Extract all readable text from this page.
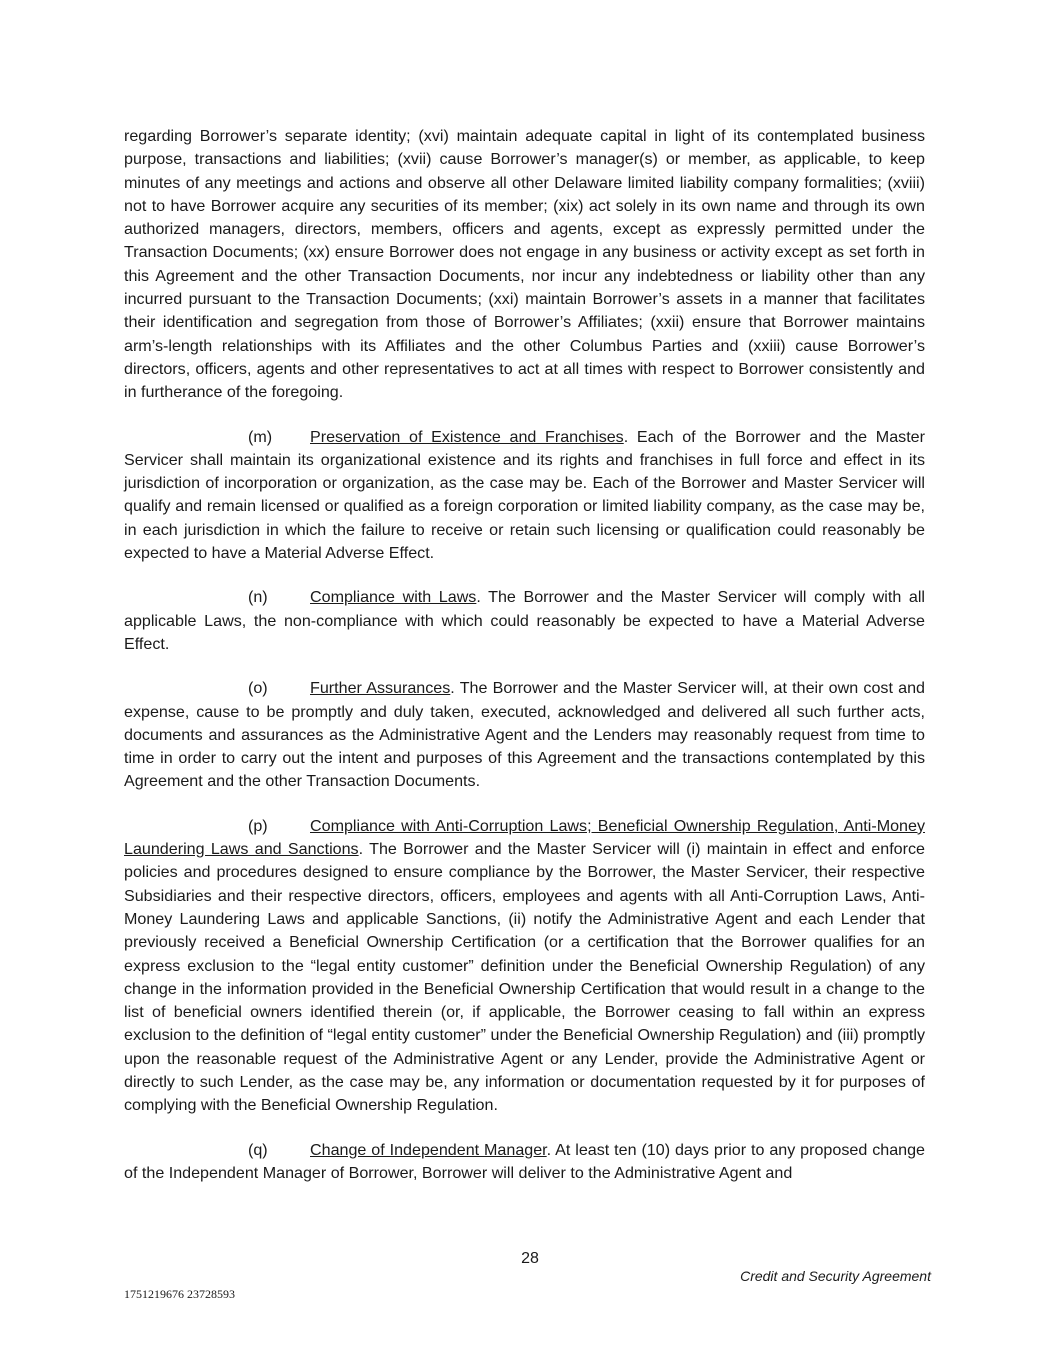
regarding Borrower’s separate identity; (xvi) maintain adequate capital in light of its contemplated business purpose, transactions and liabilities; (xvii) cause Borrower’s manager(s) or member, as applicable, to keep minutes of any meetings and actions and observe all other Delaware limited liability company formalities; (xviii) not to have Borrower acquire any securities of its member; (xix) act solely in its own name and through its own authorized managers, directors, members, officers and agents, except as expressly permitted under the Transaction Documents; (xx) ensure Borrower does not engage in any business or activity except as set forth in this Agreement and the other Transaction Documents, nor incur any indebtedness or liability other than any incurred pursuant to the Transaction Documents; (xxi) maintain Borrower’s assets in a manner that facilitates their identification and segregation from those of Borrower’s Affiliates; (xxii) ensure that Borrower maintains arm’s-length relationships with its Affiliates and the other Columbus Parties and (xxiii) cause Borrower’s directors, officers, agents and other representatives to act at all times with respect to Borrower consistently and in furtherance of the foregoing.

(m) Preservation of Existence and Franchises. Each of the Borrower and the Master Servicer shall maintain its organizational existence and its rights and franchises in full force and effect in its jurisdiction of incorporation or organization, as the case may be. Each of the Borrower and Master Servicer will qualify and remain licensed or qualified as a foreign corporation or limited liability company, as the case may be, in each jurisdiction in which the failure to receive or retain such licensing or qualification could reasonably be expected to have a Material Adverse Effect.

(n)	Compliance with Laws. The Borrower and the Master Servicer will comply with all applicable Laws, the non-compliance with which could reasonably be expected to have a Material Adverse Effect.

(o)	Further Assurances. The Borrower and the Master Servicer will, at their own cost and expense, cause to be promptly and duly taken, executed, acknowledged and delivered all such further acts, documents and assurances as the Administrative Agent and the Lenders may reasonably request from time to time in order to carry out the intent and purposes of this Agreement and the transactions contemplated by this Agreement and the other Transaction Documents.

(p)	Compliance with Anti-Corruption Laws; Beneficial Ownership Regulation, Anti-Money Laundering Laws and Sanctions. The Borrower and the Master Servicer will (i) maintain in effect and enforce policies and procedures designed to ensure compliance by the Borrower, the Master Servicer, their respective Subsidiaries and their respective directors, officers, employees and agents with all Anti-Corruption Laws, Anti-Money Laundering Laws and applicable Sanctions, (ii) notify the Administrative Agent and each Lender that previously received a Beneficial Ownership Certification (or a certification that the Borrower qualifies for an express exclusion to the “legal entity customer” definition under the Beneficial Ownership Regulation) of any change in the information provided in the Beneficial Ownership Certification that would result in a change to the list of beneficial owners identified therein (or, if applicable, the Borrower ceasing to fall within an express exclusion to the definition of “legal entity customer” under the Beneficial Ownership Regulation) and (iii) promptly upon the reasonable request of the Administrative Agent or any Lender, provide the Administrative Agent or directly to such Lender, as the case may be, any information or documentation requested by it for purposes of complying with the Beneficial Ownership Regulation.

(q)	Change of Independent Manager. At least ten (10) days prior to any proposed change of the Independent Manager of Borrower, Borrower will deliver to the Administrative Agent and

28
Credit and Security Agreement
1751219676 23728593
